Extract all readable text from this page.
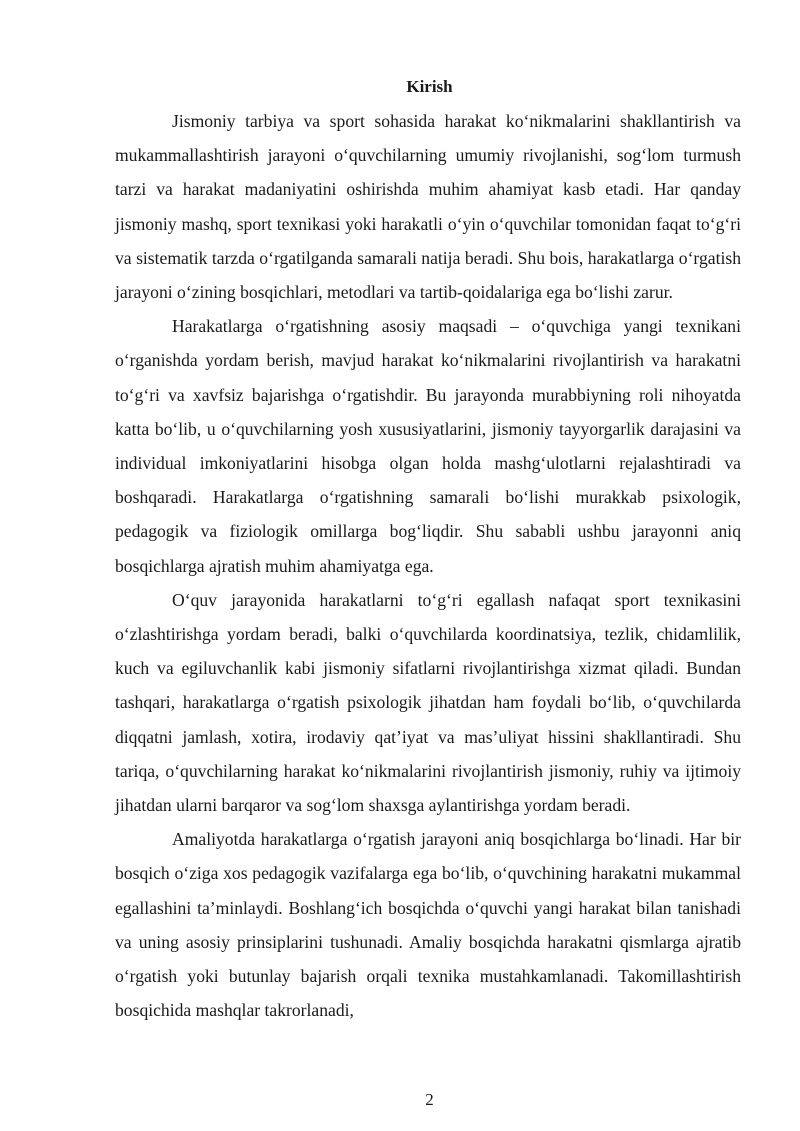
Kirish

Jismoniy tarbiya va sport sohasida harakat ko‘nikmalarini shakllantirish va mukammallashtirish jarayoni o‘quvchilarning umumiy rivojlanishi, sog‘lom turmush tarzi va harakat madaniyatini oshirishda muhim ahamiyat kasb etadi. Har qanday jismoniy mashq, sport texnikasi yoki harakatli o‘yin o‘quvchilar tomonidan faqat to‘g‘ri va sistematik tarzda o‘rgatilganda samarali natija beradi. Shu bois, harakatlarga o‘rgatish jarayoni o‘zining bosqichlari, metodlari va tartib-qoidalariga ega bo‘lishi zarur.

Harakatlarga o‘rgatishning asosiy maqsadi – o‘quvchiga yangi texnikani o‘rganishda yordam berish, mavjud harakat ko‘nikmalarini rivojlantirish va harakatni to‘g‘ri va xavfsiz bajarishga o‘rgatishdir. Bu jarayonda murabbiyning roli nihoyatda katta bo‘lib, u o‘quvchilarning yosh xususiyatlarini, jismoniy tayyorgarlik darajasini va individual imkoniyatlarini hisobga olgan holda mashg‘ulotlarni rejalashtiradi va boshqaradi. Harakatlarga o‘rgatishning samarali bo‘lishi murakkab psixologik, pedagogik va fiziologik omillarga bog‘liqdir. Shu sababli ushbu jarayonni aniq bosqichlarga ajratish muhim ahamiyatga ega.

O‘quv jarayonida harakatlarni to‘g‘ri egallash nafaqat sport texnikasini o‘zlashtirishga yordam beradi, balki o‘quvchilarda koordinatsiya, tezlik, chidamlilik, kuch va egiluvchanlik kabi jismoniy sifatlarni rivojlantirishga xizmat qiladi. Bundan tashqari, harakatlarga o‘rgatish psixologik jihatdan ham foydali bo‘lib, o‘quvchilarda diqqatni jamlash, xotira, irodaviy qat’iyat va mas’uliyat hissini shakllantiradi. Shu tariqa, o‘quvchilarning harakat ko‘nikmalarini rivojlantirish jismoniy, ruhiy va ijtimoiy jihatdan ularni barqaror va sog‘lom shaxsga aylantirishga yordam beradi.

Amaliyotda harakatlarga o‘rgatish jarayoni aniq bosqichlarga bo‘linadi. Har bir bosqich o‘ziga xos pedagogik vazifalarga ega bo‘lib, o‘quvchining harakatni mukammal egallashini ta’minlaydi. Boshlang‘ich bosqichda o‘quvchi yangi harakat bilan tanishadi va uning asosiy prinsiplarini tushunadi. Amaliy bosqichda harakatni qismlarga ajratib o‘rgatish yoki butunlay bajarish orqali texnika mustahkamlanadi. Takomillashtirish bosqichida mashqlar takrorlanadi,

2
